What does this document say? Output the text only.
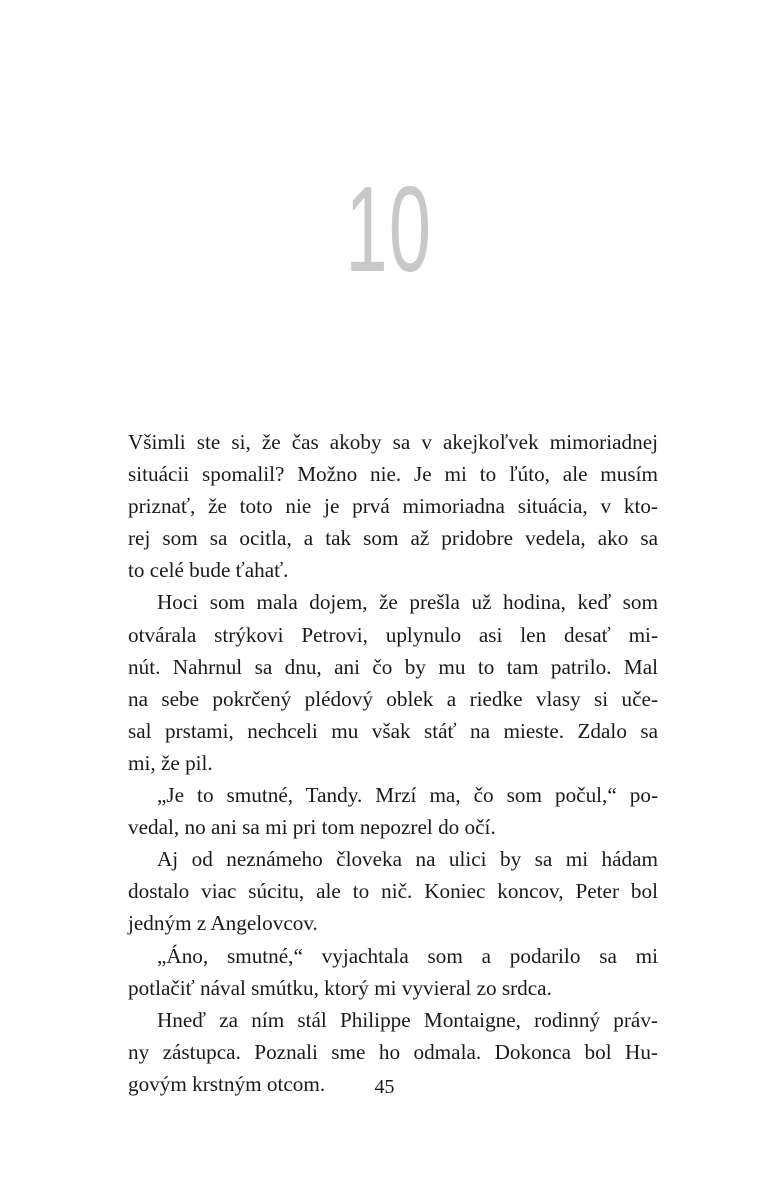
10
Všimli ste si, že čas akoby sa v akejkoľvek mimoriadnej
situácii spomalil? Možno nie. Je mi to ľúto, ale musím
priznať, že toto nie je prvá mimoriadna situácia, v kto-
rej som sa ocitla, a tak som až pridobre vedela, ako sa
to celé bude ťahať.
Hoci som mala dojem, že prešla už hodina, keď som
otvárala strýkovi Petrovi, uplynulo asi len desať mi-
nút. Nahrnul sa dnu, ani čo by mu to tam patrilo. Mal
na sebe pokrčený plédový oblek a riedke vlasy si uče-
sal prstami, nechceli mu však stáť na mieste. Zdalo sa
mi, že pil.
„Je to smutné, Tandy. Mrzí ma, čo som počul,“ po-
vedal, no ani sa mi pri tom nepozrel do očí.
Aj od neznámeho človeka na ulici by sa mi hádam
dostalo viac súcitu, ale to nič. Koniec koncov, Peter bol
jedným z Angelovcov.
„Áno, smutné,“ vyjachtala som a podarilo sa mi
potlačiť nával smútku, ktorý mi vyvieral zo srdca.
Hneď za ním stál Philippe Montaigne, rodinný práv-
ny zástupca. Poznali sme ho odmala. Dokonca bol Hu-
govým krstným otcom.	45
